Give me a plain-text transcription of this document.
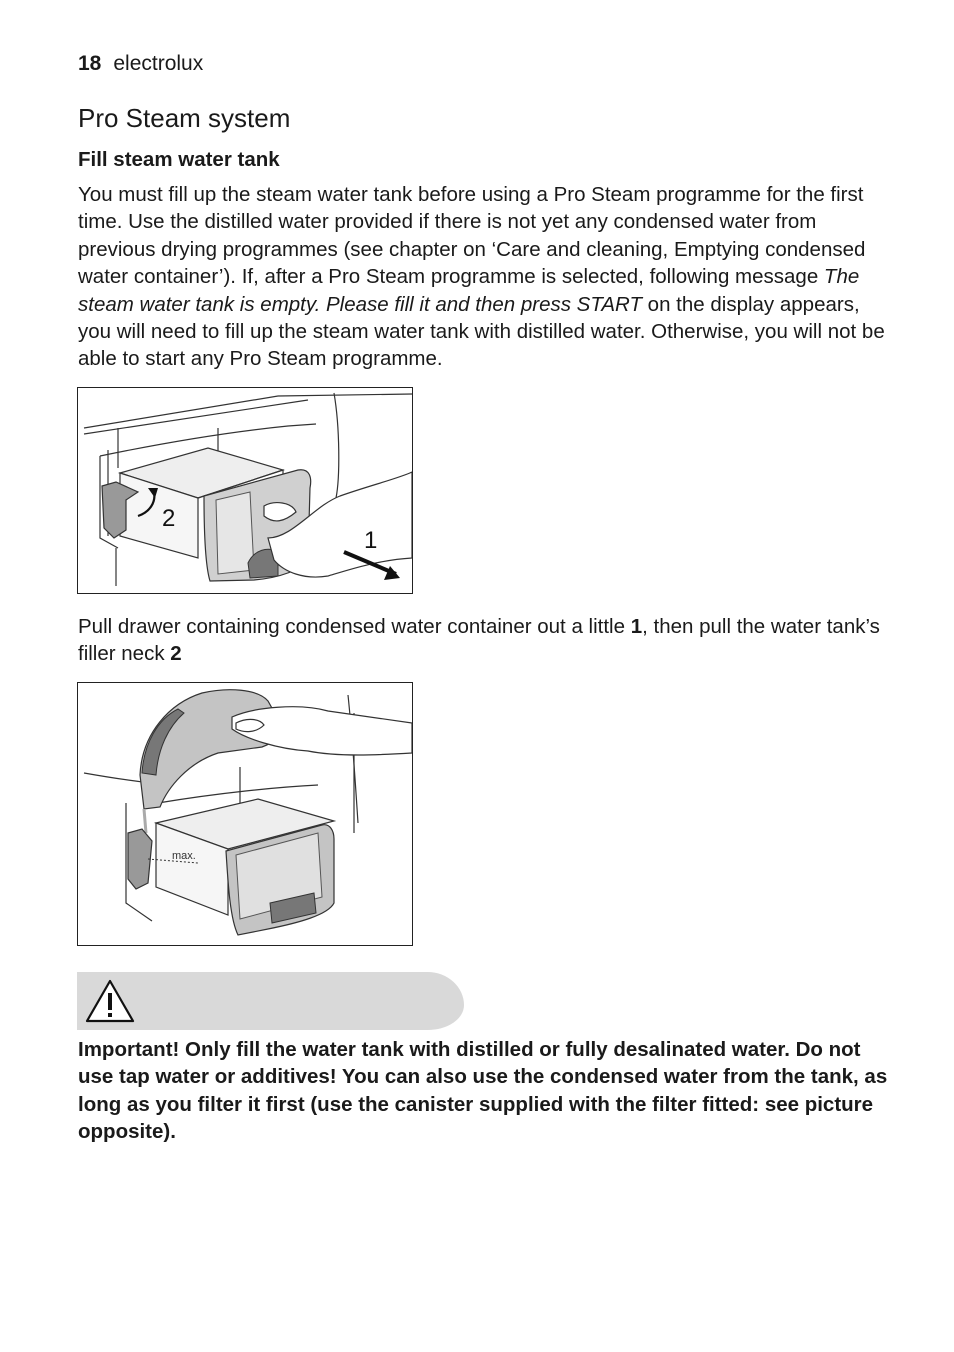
18 electrolux
Pro Steam system
Fill steam water tank

You must fill up the steam water tank before using a Pro Steam programme for the first time. Use the distilled water provided if there is not yet any condensed water from previous drying programmes (see chapter on ‘Care and cleaning, Emptying condensed water container’). If, after a Pro Steam programme is selected, following message The steam water tank is empty. Please fill it and then press START on the display appears, you will need to fill up the steam water tank with distilled water. Otherwise, you will not be able to start any Pro Steam programme.

2
1

Pull drawer containing condensed water container out a little 1, then pull the water tank’s filler neck 2

max.

Important! Only fill the water tank with distilled or fully desalinated water. Do not use tap water or additives! You can also use the condensed water from the tank, as long as you filter it first (use the canister supplied with the filter fitted: see picture opposite).
